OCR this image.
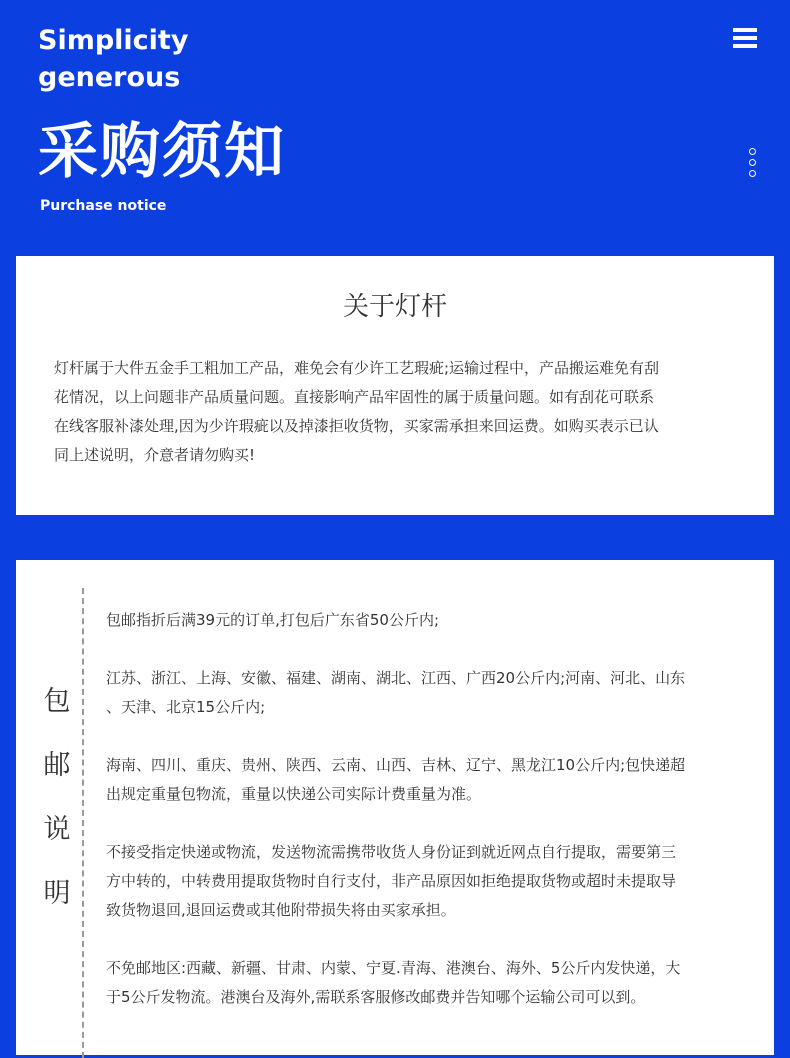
Simplicity
generous
采购须知
Purchase notice
关于灯杆
灯杆属于大件五金手工粗加工产品，难免会有少许工艺瑕疵;运输过程中，产品搬运难免有刮
花情况，以上问题非产品质量问题。直接影响产品牢固性的属于质量问题。如有刮花可联系
在线客服补漆处理,因为少许瑕疵以及掉漆拒收货物，买家需承担来回运费。如购买表示已认
同上述说明，介意者请勿购买!
包
邮
说
明
包邮指折后满39元的订单,打包后广东省50公斤内;
江苏、浙江、上海、安徽、福建、湖南、湖北、江西、广西20公斤内;河南、河北、山东
、天津、北京15公斤内;
海南、四川、重庆、贵州、陕西、云南、山西、吉林、辽宁、黑龙江10公斤内;包快递超
出规定重量包物流，重量以快递公司实际计费重量为准。
不接受指定快递或物流，发送物流需携带收货人身份证到就近网点自行提取，需要第三
方中转的，中转费用提取货物时自行支付，非产品原因如拒绝提取货物或超时未提取导
致货物退回,退回运费或其他附带损失将由买家承担。
不免邮地区:西藏、新疆、甘肃、内蒙、宁夏.青海、港澳台、海外、5公斤内发快递，大
于5公斤发物流。港澳台及海外,需联系客服修改邮费并告知哪个运输公司可以到。
